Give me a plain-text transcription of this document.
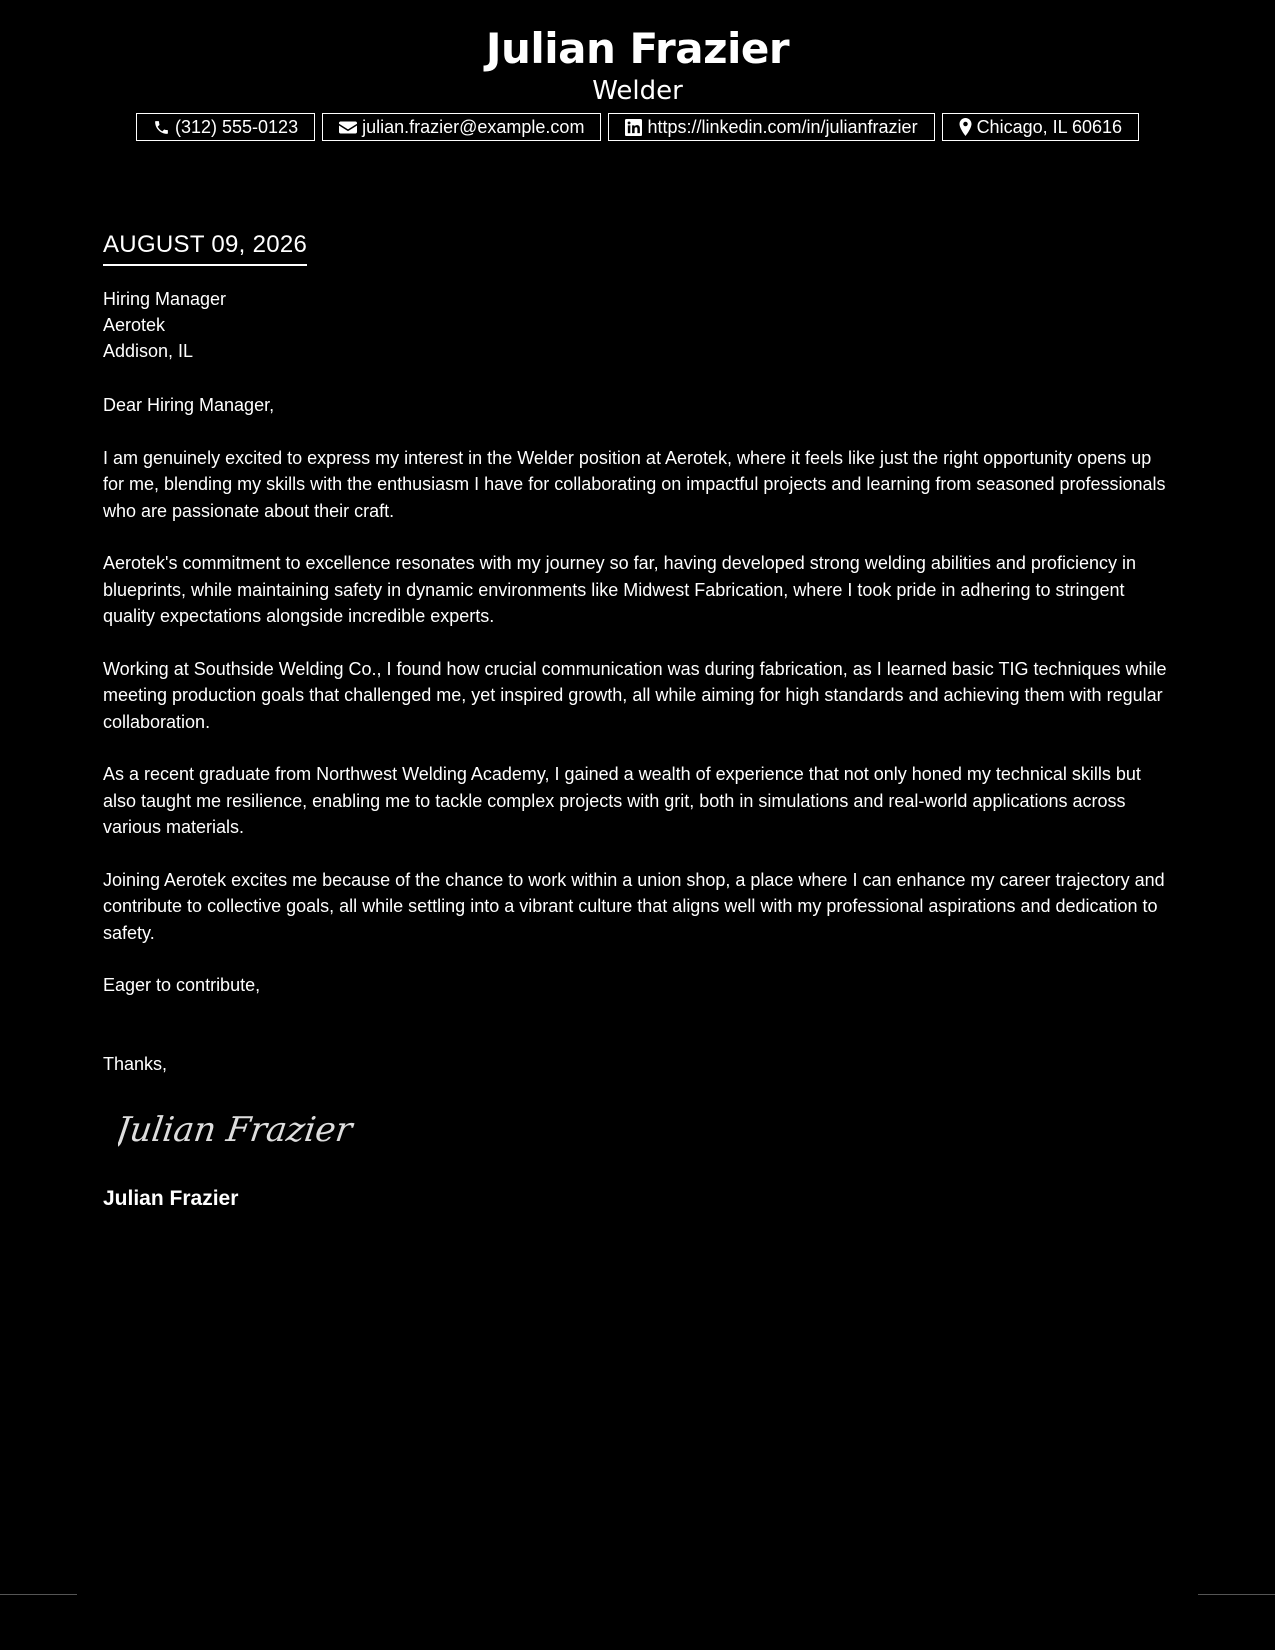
Julian Frazier
Welder
(312) 555-0123	julian.frazier@example.com	https://linkedin.com/in/julianfrazier	Chicago, IL 60616
AUGUST 09, 2026
Hiring Manager
Aerotek
Addison, IL
Dear Hiring Manager,
I am genuinely excited to express my interest in the Welder position at Aerotek, where it feels like just the right opportunity opens up for me, blending my skills with the enthusiasm I have for collaborating on impactful projects and learning from seasoned professionals who are passionate about their craft.
Aerotek's commitment to excellence resonates with my journey so far, having developed strong welding abilities and proficiency in blueprints, while maintaining safety in dynamic environments like Midwest Fabrication, where I took pride in adhering to stringent quality expectations alongside incredible experts.
Working at Southside Welding Co., I found how crucial communication was during fabrication, as I learned basic TIG techniques while meeting production goals that challenged me, yet inspired growth, all while aiming for high standards and achieving them with regular collaboration.
As a recent graduate from Northwest Welding Academy, I gained a wealth of experience that not only honed my technical skills but also taught me resilience, enabling me to tackle complex projects with grit, both in simulations and real-world applications across various materials.
Joining Aerotek excites me because of the chance to work within a union shop, a place where I can enhance my career trajectory and contribute to collective goals, all while settling into a vibrant culture that aligns well with my professional aspirations and dedication to safety.
Eager to contribute,
Thanks,
Julian Frazier
Julian Frazier
